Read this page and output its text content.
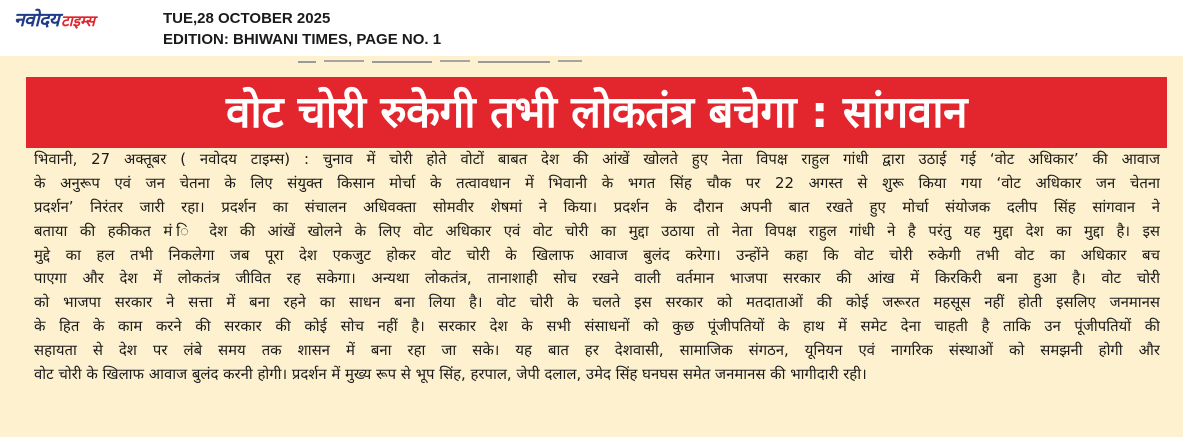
नवोदय टाइम्स	TUE,28 OCTOBER 2025
EDITION: BHIWANI TIMES, PAGE NO. 1
वोट चोरी रुकेगी तभी लोकतंत्र बचेगा : सांगवान
भिवानी, 27 अक्तूबर ( नवोदय टाइम्स) : चुनाव में चोरी होते वोटों बाबत देश की आंखें खोलते हुए नेता विपक्ष राहुल गांधी द्वारा उठाई गई ‘वोट अधिकार’ की आवाज
के अनुरूप एवं जन चेतना के लिए संयुक्त किसान मोर्चा के तत्वावधान में भिवानी के भगत सिंह चौक पर 22 अगस्त से शुरू किया गया ‘वोट अधिकार जन चेतना
प्रदर्शन’ निरंतर जारी रहा। प्रदर्शन का संचालन अधिवक्ता सोमवीर शेषमां ने किया। प्रदर्शन के दौरान अपनी बात रखते हुए मोर्चा संयोजक दलीप सिंह सांगवान ने
बताया की हकीकत मं ि देश की आंखें खोलने के लिए वोट अधिकार एवं वोट चोरी का मुद्दा उठाया तो नेता विपक्ष राहुल गांधी ने है परंतु यह मुद्दा देश का मुद्दा है। इस
मुद्दे का हल तभी निकलेगा जब पूरा देश एकजुट होकर वोट चोरी के खिलाफ आवाज बुलंद करेगा। उन्होंने कहा कि वोट चोरी रुकेगी तभी वोट का अधिकार बच
पाएगा और देश में लोकतंत्र जीवित रह सकेगा। अन्यथा लोकतंत्र, तानाशाही सोच रखने वाली वर्तमान भाजपा सरकार की आंख में किरकिरी बना हुआ है। वोट चोरी
को भाजपा सरकार ने सत्ता में बना रहने का साधन बना लिया है। वोट चोरी के चलते इस सरकार को मतदाताओं की कोई जरूरत महसूस नहीं होती इसलिए जनमानस
के हित के काम करने की सरकार की कोई सोच नहीं है। सरकार देश के सभी संसाधनों को कुछ पूंजीपतियों के हाथ में समेट देना चाहती है ताकि उन पूंजीपतियों की
सहायता से देश पर लंबे समय तक शासन में बना रहा जा सके। यह बात हर देशवासी, सामाजिक संगठन, यूनियन एवं नागरिक संस्थाओं को समझनी होगी और
वोट चोरी के खिलाफ आवाज बुलंद करनी होगी। प्रदर्शन में मुख्य रूप से भूप सिंह, हरपाल, जेपी दलाल, उमेद सिंह घनघस समेत जनमानस की भागीदारी रही।
